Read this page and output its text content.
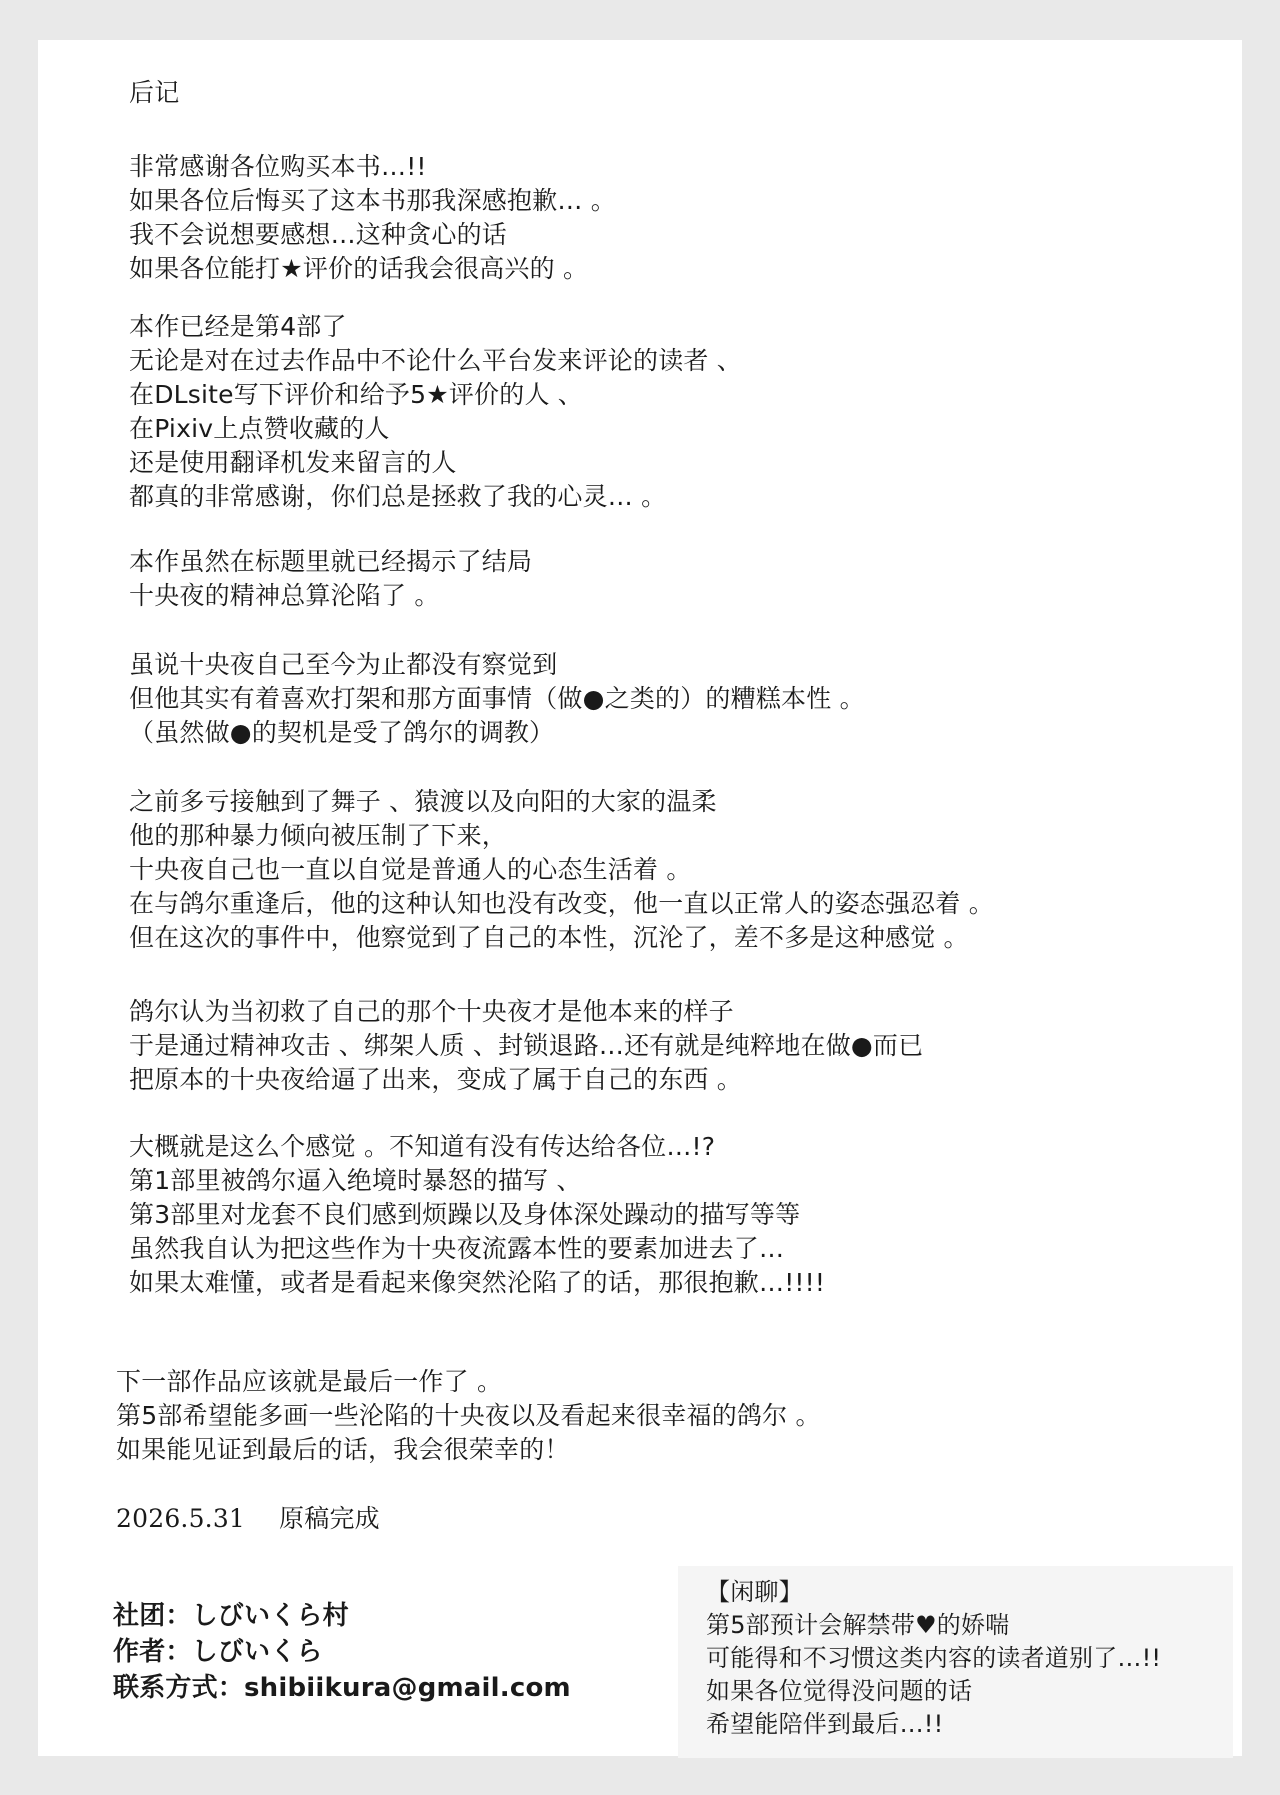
后记
非常感谢各位购买本书…!!
如果各位后悔买了这本书那我深感抱歉… 。
我不会说想要感想…这种贪心的话
如果各位能打★评价的话我会很高兴的 。
本作已经是第4部了
无论是对在过去作品中不论什么平台发来评论的读者 、
在DLsite写下评价和给予5★评价的人 、
在Pixiv上点赞收藏的人
还是使用翻译机发来留言的人
都真的非常感谢，你们总是拯救了我的心灵… 。
本作虽然在标题里就已经揭示了结局
十央夜的精神总算沦陷了 。
虽说十央夜自己至今为止都没有察觉到
但他其实有着喜欢打架和那方面事情（做●之类的）的糟糕本性 。
（虽然做●的契机是受了鸽尔的调教）
之前多亏接触到了舞子 、猿渡以及向阳的大家的温柔
他的那种暴力倾向被压制了下来，
十央夜自己也一直以自觉是普通人的心态生活着 。
在与鸽尔重逢后，他的这种认知也没有改变，他一直以正常人的姿态强忍着 。
但在这次的事件中，他察觉到了自己的本性，沉沦了，差不多是这种感觉 。
鸽尔认为当初救了自己的那个十央夜才是他本来的样子
于是通过精神攻击 、绑架人质 、封锁退路…还有就是纯粹地在做●而已
把原本的十央夜给逼了出来，变成了属于自己的东西 。
大概就是这么个感觉 。不知道有没有传达给各位…!?
第1部里被鸽尔逼入绝境时暴怒的描写 、
第3部里对龙套不良们感到烦躁以及身体深处躁动的描写等等
虽然我自认为把这些作为十央夜流露本性的要素加进去了…
如果太难懂，或者是看起来像突然沦陷了的话，那很抱歉…!!!!
下一部作品应该就是最后一作了 。
第5部希望能多画一些沦陷的十央夜以及看起来很幸福的鸽尔 。
如果能见证到最后的话，我会很荣幸的！
2026.5.31 原稿完成
社团：しびいくら村
作者：しびいくら
联系方式：shibiikura@gmail.com
【闲聊】
第5部预计会解禁带♥的娇喘
可能得和不习惯这类内容的读者道别了…!!
如果各位觉得没问题的话
希望能陪伴到最后…!!
